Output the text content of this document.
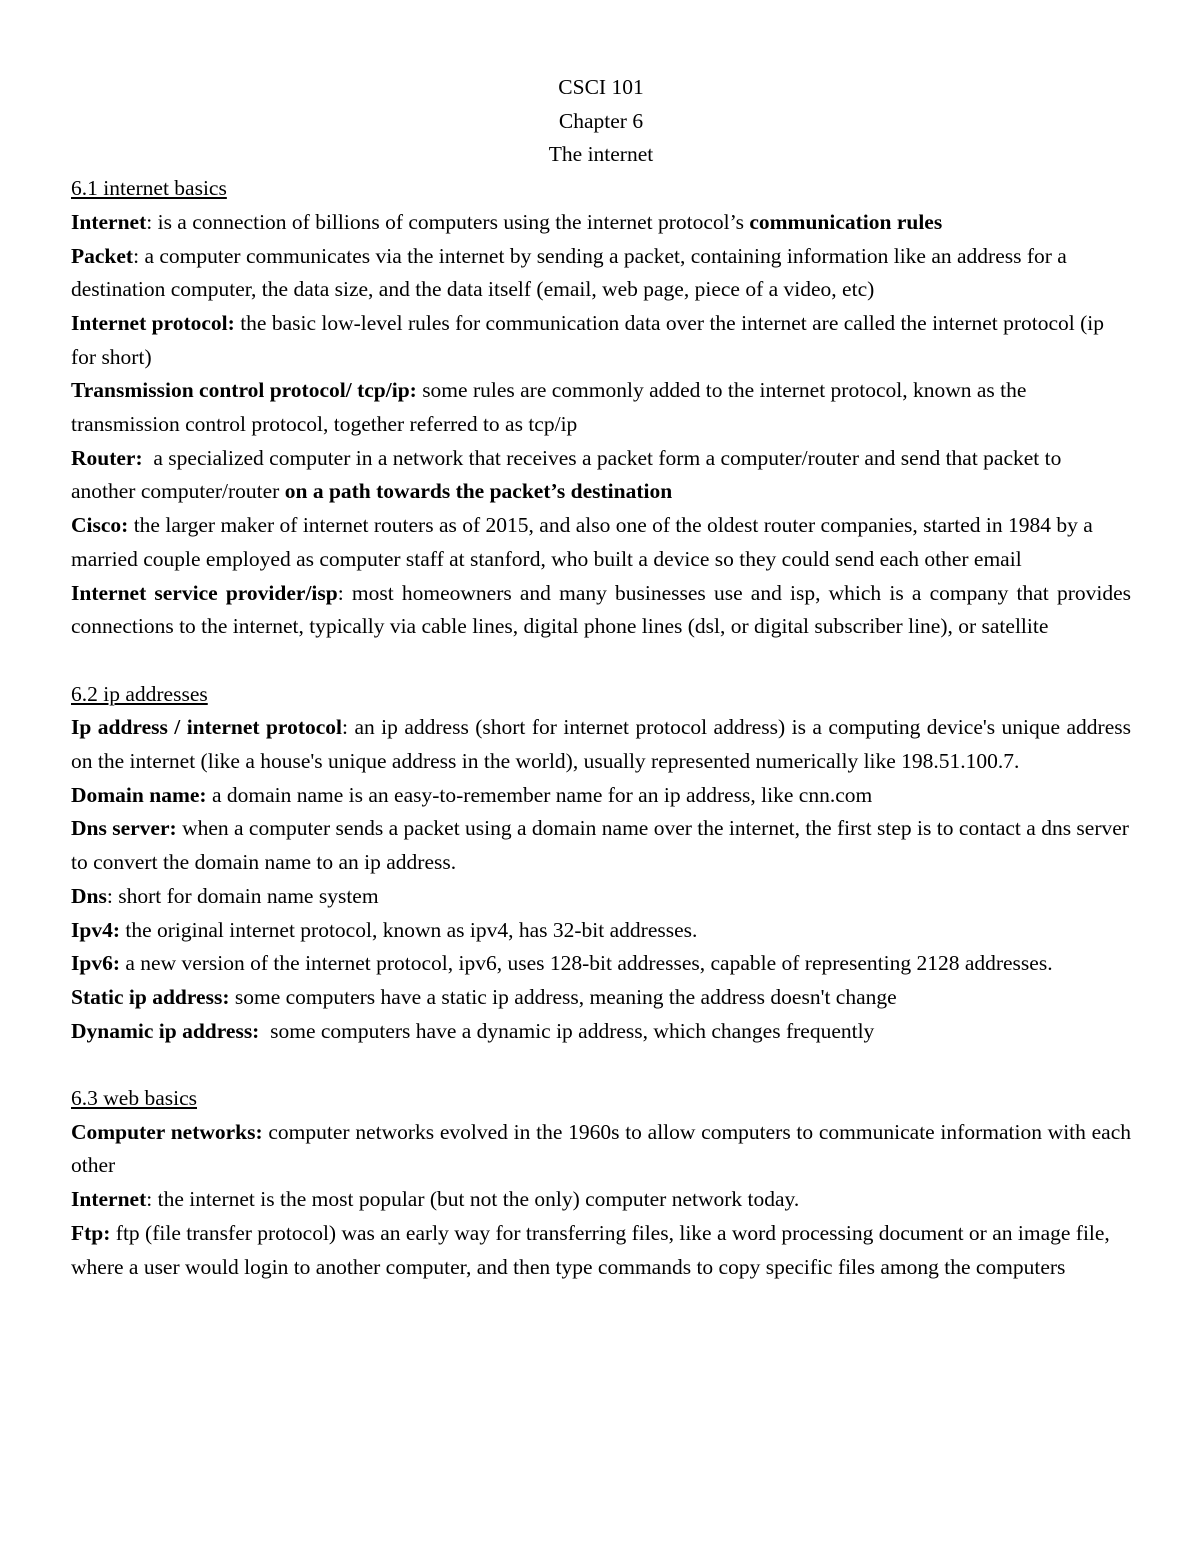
CSCI 101

Chapter 6

The internet

6.1 internet basics

Internet: is a connection of billions of computers using the internet protocol’s communication rules

Packet: a computer communicates via the internet by sending a packet, containing information like an address for a destination computer, the data size, and the data itself (email, web page, piece of a video, etc)

Internet protocol: the basic low-level rules for communication data over the internet are called the internet protocol (ip for short)

Transmission control protocol/ tcp/ip: some rules are commonly added to the internet protocol, known as the transmission control protocol, together referred to as tcp/ip

Router: a specialized computer in a network that receives a packet form a computer/router and send that packet to another computer/router on a path towards the packet’s destination

Cisco: the larger maker of internet routers as of 2015, and also one of the oldest router companies, started in 1984 by a married couple employed as computer staff at stanford, who built a device so they could send each other email

Internet service provider/isp: most homeowners and many businesses use and isp, which is a company that provides connections to the internet, typically via cable lines, digital phone lines (dsl, or digital subscriber line), or satellite

6.2 ip addresses

Ip address / internet protocol: an ip address (short for internet protocol address) is a computing device's unique address on the internet (like a house's unique address in the world), usually represented numerically like 198.51.100.7.

Domain name: a domain name is an easy-to-remember name for an ip address, like cnn.com

Dns server: when a computer sends a packet using a domain name over the internet, the first step is to contact a dns server to convert the domain name to an ip address.

Dns: short for domain name system

Ipv4: the original internet protocol, known as ipv4, has 32-bit addresses.

Ipv6: a new version of the internet protocol, ipv6, uses 128-bit addresses, capable of representing 2128 addresses.

Static ip address: some computers have a static ip address, meaning the address doesn't change

Dynamic ip address: some computers have a dynamic ip address, which changes frequently

6.3 web basics

Computer networks: computer networks evolved in the 1960s to allow computers to communicate information with each other

Internet: the internet is the most popular (but not the only) computer network today.

Ftp: ftp (file transfer protocol) was an early way for transferring files, like a word processing document or an image file, where a user would login to another computer, and then type commands to copy specific files among the computers
